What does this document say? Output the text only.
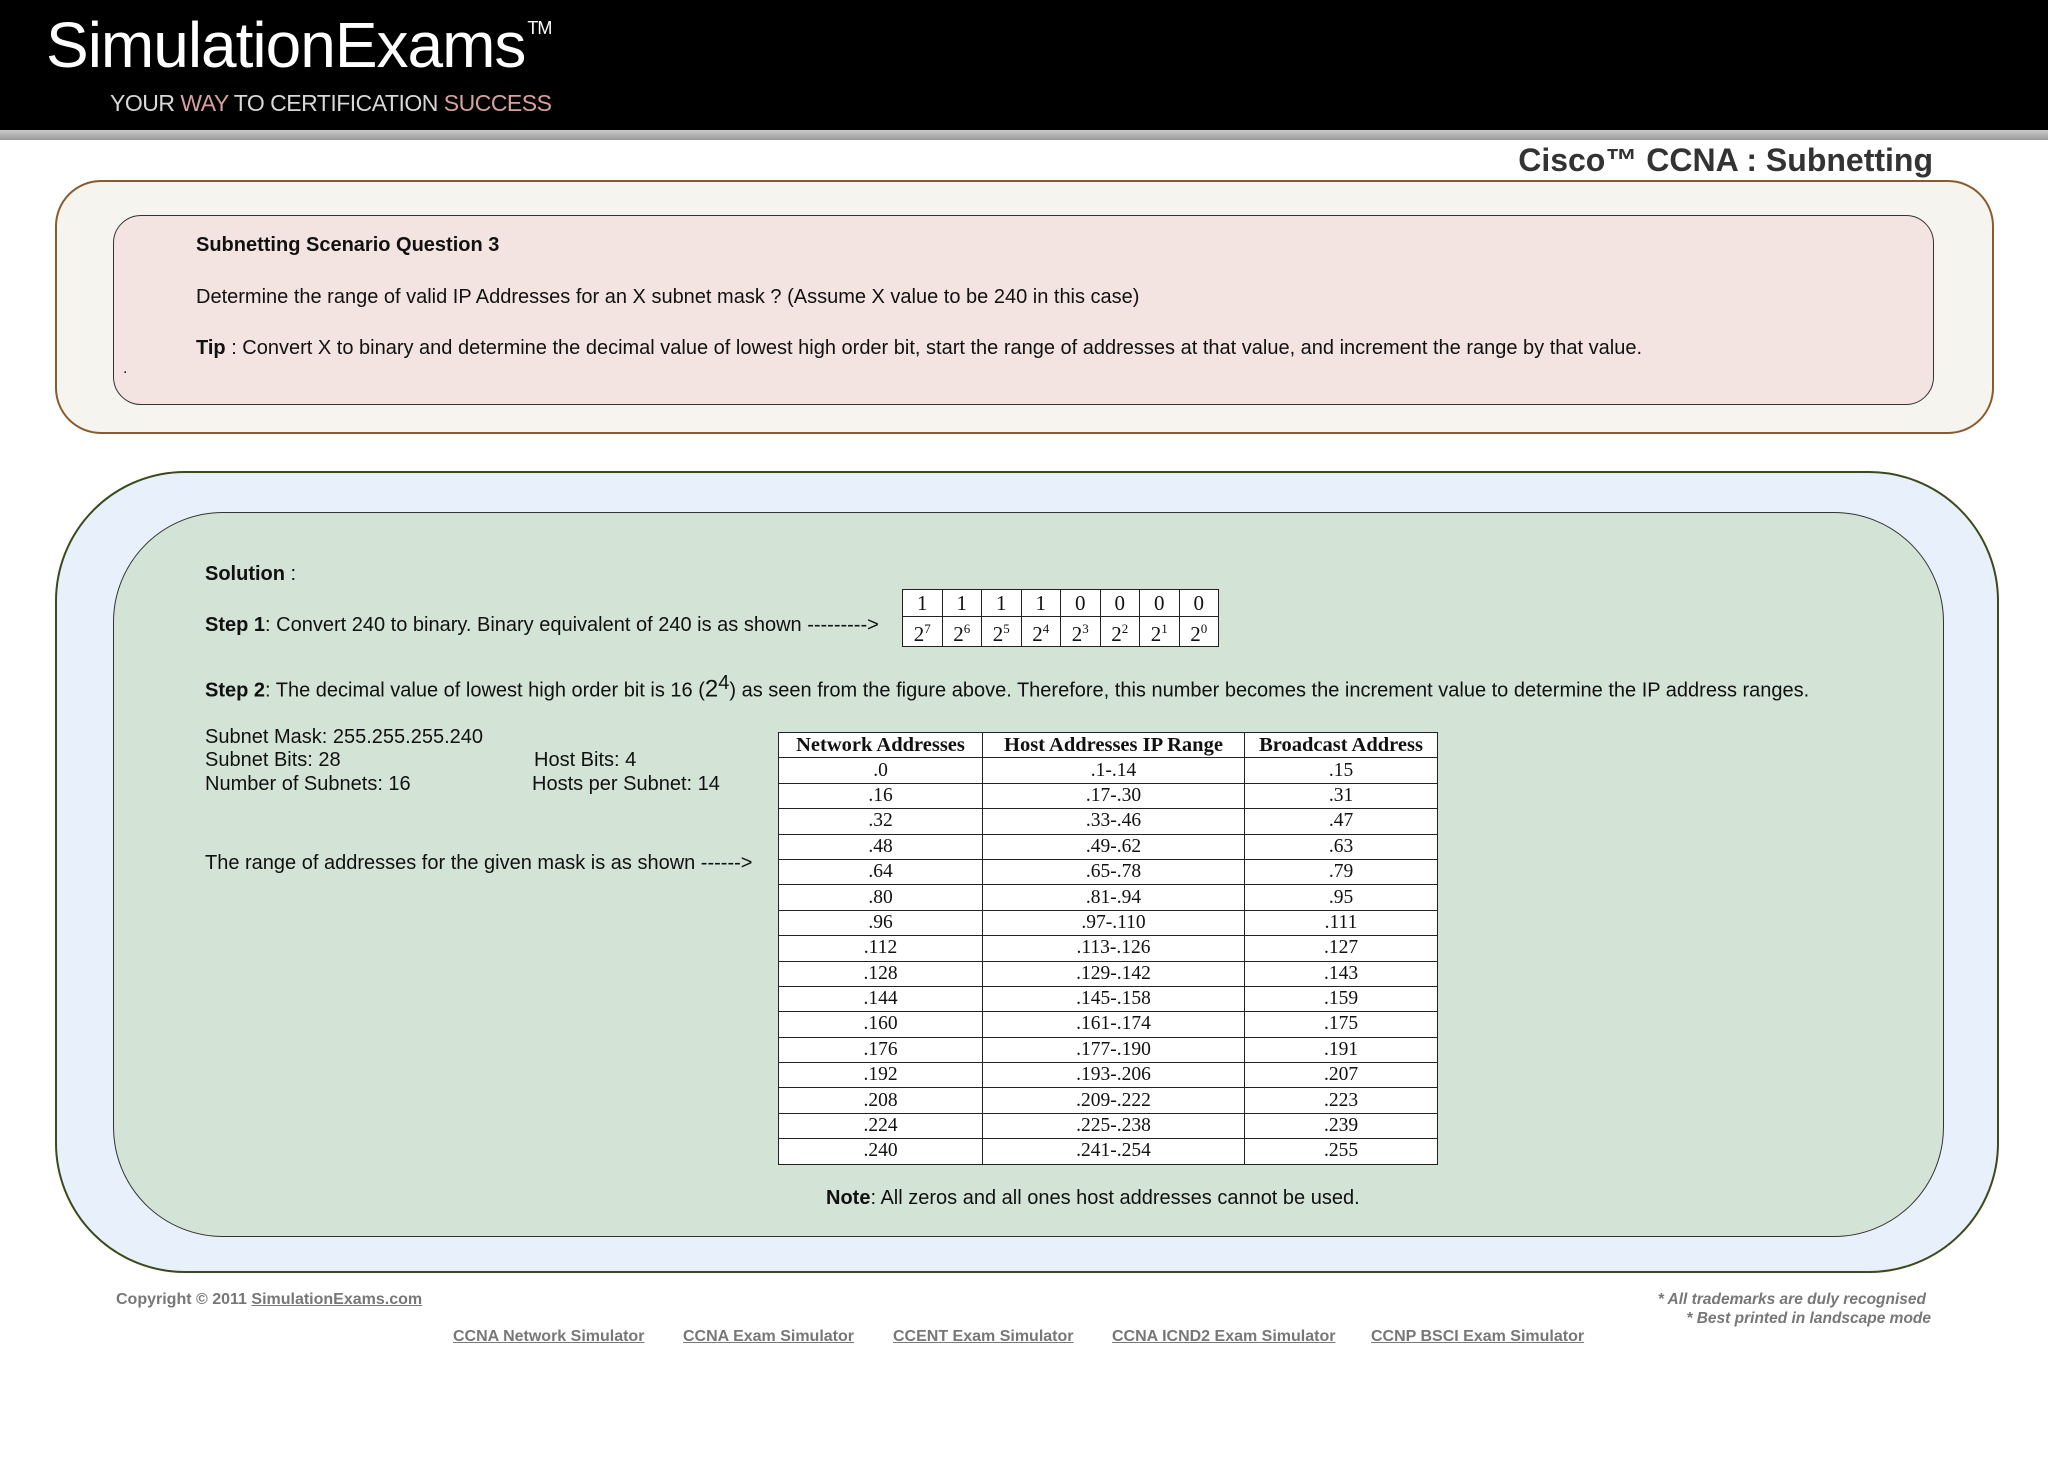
SimulationExams ™
YOUR WAY TO CERTIFICATION SUCCESS
Cisco™ CCNA : Subnetting
Subnetting Scenario Question 3
Determine the range of valid IP Addresses for an X subnet mask ? (Assume X value to be 240 in this case)
Tip : Convert X to binary and determine the decimal value of lowest high order bit, start the range of addresses at that value, and increment the range by that value.
.
Solution :
Step 1: Convert 240 to binary. Binary equivalent of 240 is as shown --------->
1	1	1	1	0	0	0	0
$2^7$	$2^6$	$2^5$	$2^4$	$2^3$	$2^2$	$2^1$	$2^0$
Step 2: The decimal value of lowest high order bit is 16 $(2^4)$ as seen from the figure above. Therefore, this number becomes the increment value to determine the IP address ranges.
Subnet Mask: 255.255.255.240
Subnet Bits: 28	Host Bits: 4
Number of Subnets: 16	Hosts per Subnet: 14
The range of addresses for the given mask is as shown ------>
Network Addresses	Host Addresses IP Range	Broadcast Address
.0	.1-.14	.15
.16	.17-.30	.31
.32	.33-.46	.47
.48	.49-.62	.63
.64	.65-.78	.79
.80	.81-.94	.95
.96	.97-.110	.111
.112	.113-.126	.127
.128	.129-.142	.143
.144	.145-.158	.159
.160	.161-.174	.175
.176	.177-.190	.191
.192	.193-.206	.207
.208	.209-.222	.223
.224	.225-.238	.239
.240	.241-.254	.255
Note: All zeros and all ones host addresses cannot be used.
Copyright © 2011 SimulationExams.com	* All trademarks are duly recognised
* Best printed in landscape mode
CCNA Network Simulator CCNA Exam Simulator CCENT Exam Simulator CCNA ICND2 Exam Simulator CCNP BSCI Exam Simulator
